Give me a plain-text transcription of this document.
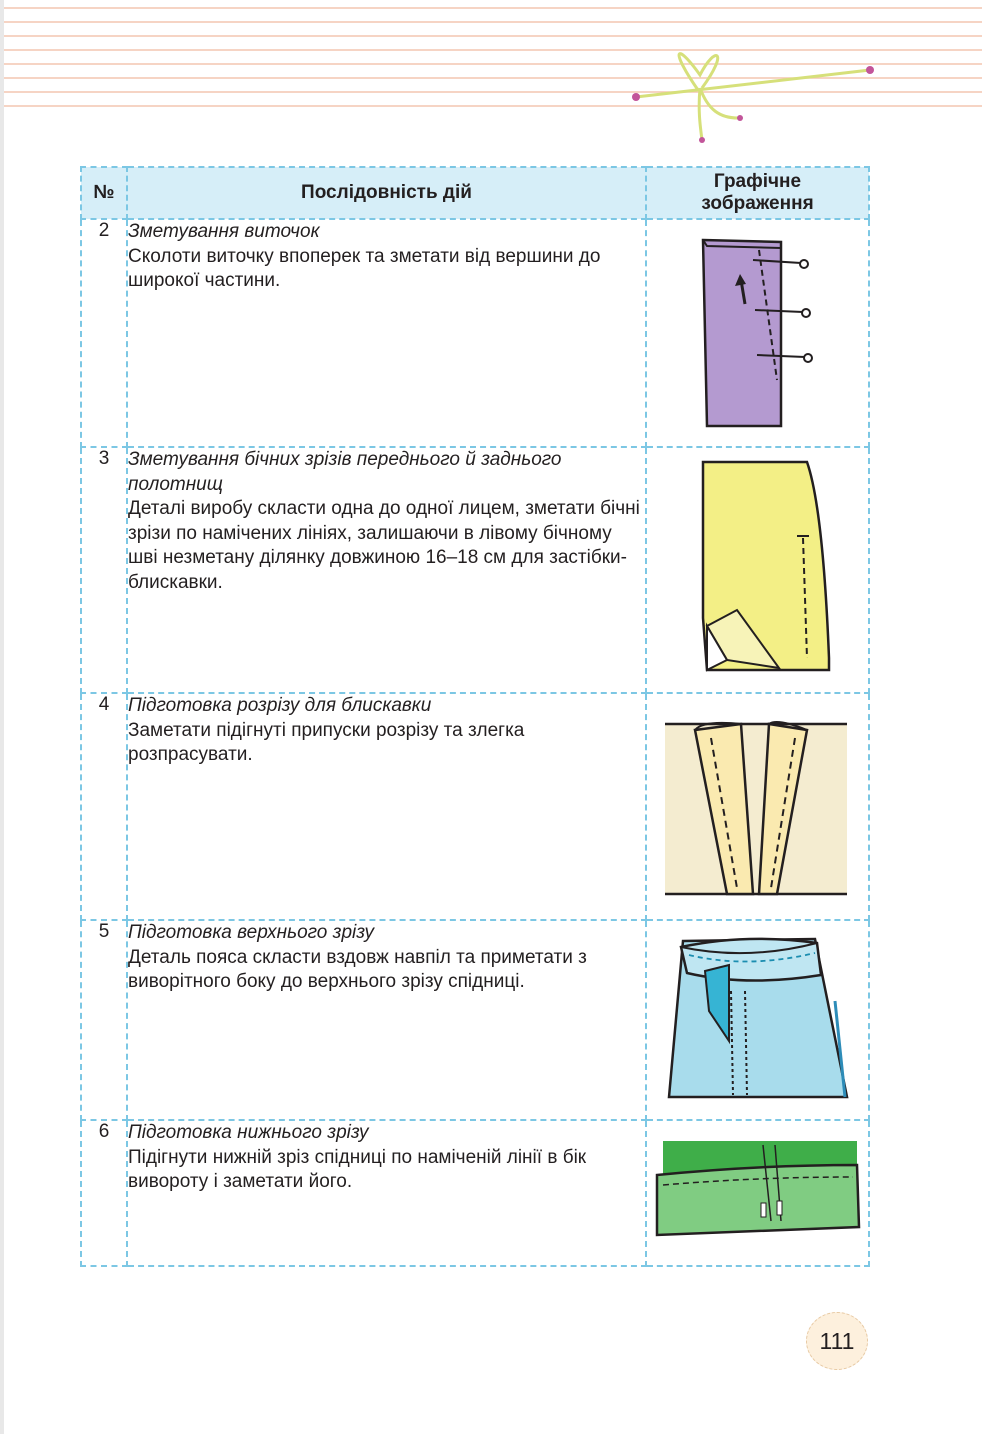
№	Послідовність дій	Графічне
зображення
2	Зметування виточок
Сколоти виточку впоперек та зметати від вершини до широкої частини.

3	Зметування бічних зрізів переднього й заднього полотнищ
Деталі виробу скласти одна до одної лицем, зметати бічні зрізи по намічених лініях, залишаючи в лівому бічному шві незметану ділянку довжиною 16–18 см для застібки-блискавки.

4	Підготовка розрізу для блискавки
Заметати підігнуті припуски розрізу та злегка розпрасувати.

5	Підготовка верхнього зрізу
Деталь пояса скласти вздовж навпіл та приметати з виворітного боку до верхнього зрізу спідниці.

6	Підготовка нижнього зрізу
Підігнути нижній зріз спідниці по наміченій лінії в бік вивороту і заметати його.

111
